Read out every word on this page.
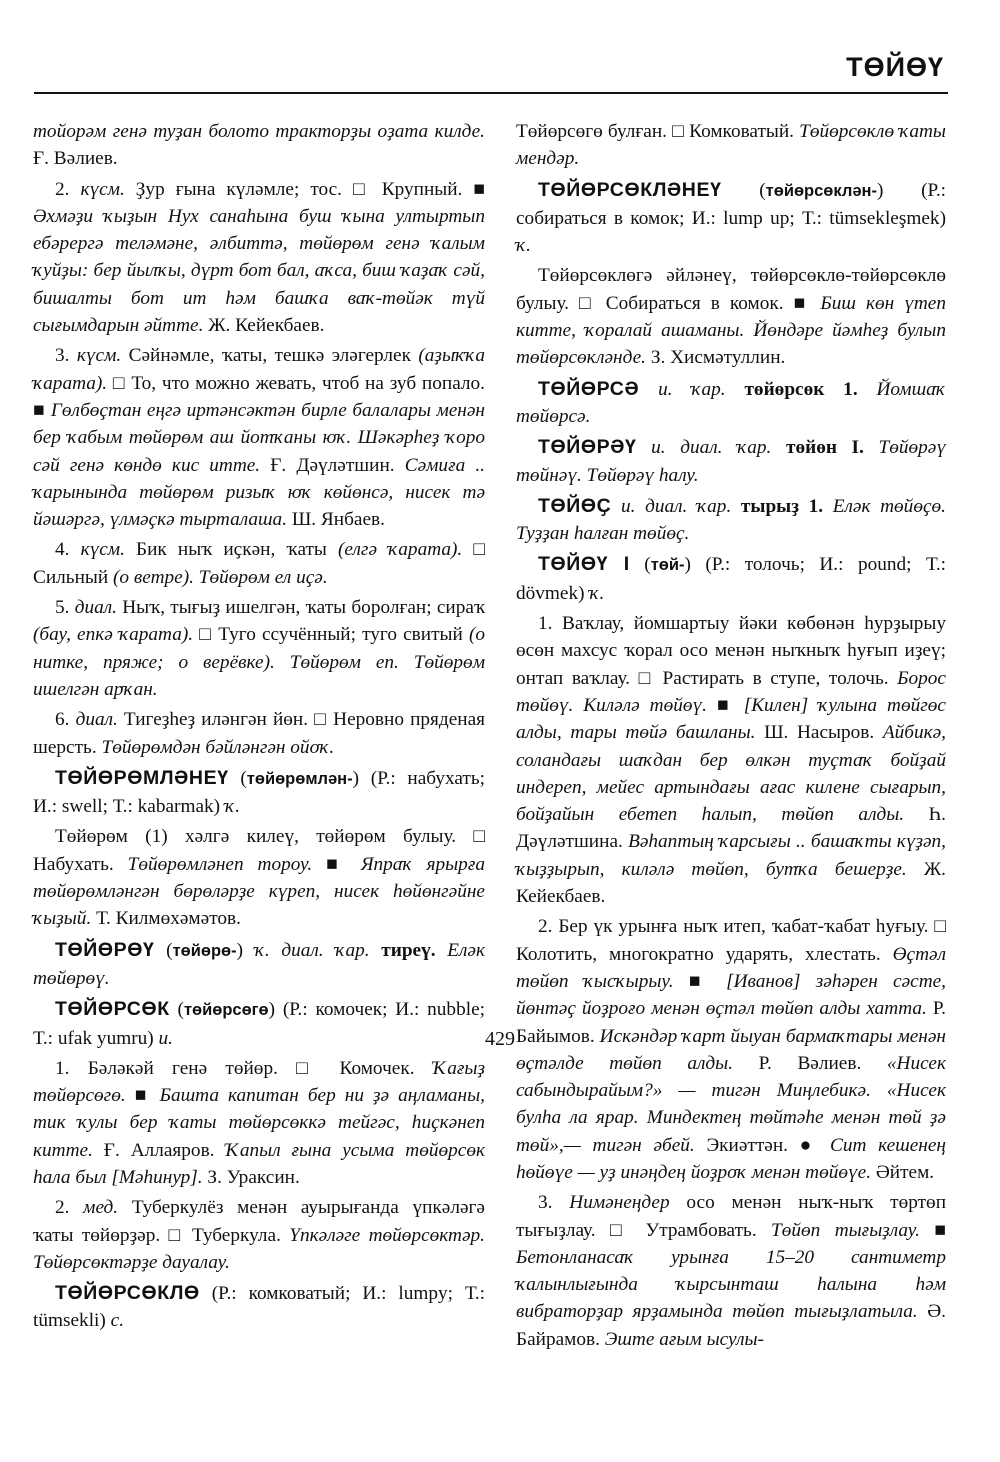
ТӨЙӨҮ

тойорәм генә туҙан болото тракторҙы оҙата килде. Ғ. Вәлиев.

2. күсм. Ҙур ғына күләмле; тос. □ Крупный. ■ Әхмәҙи ҡыҙын Нух санаһына буш ҡына ултыртып ебәрергә теләмәне, әлбиттә, төйөрөм генә ҡалым ҡуйҙы: бер йылҡы, дүрт бот бал, аҡса, биш ҡаҙаҡ сәй, бишалты бот ит һәм башҡа ваҡ-төйәк түй сығымдарын әйтте. Ж. Кейекбаев.

3. күсм. Сәйнәмле, ҡаты, тешкә эләгерлек (аҙыҡҡа ҡарата). □ То, что можно жевать, чтоб на зуб попало. ■ Гөлбөҫтан еңгә иртәнсәктән бирле балалары менән бер ҡабым төйөрөм аш йотҡаны юҡ. Шәкәрһеҙ ҡоро сәй генә көндө кис итте. Ғ. Дәүләтшин. Сәмиға .. ҡарынында төйөрөм ризыҡ юҡ көйөнсә, нисек тә йәшәргә, үлмәҫкә тырталаша. Ш. Янбаев.

4. күсм. Бик ныҡ иҫкән, ҡаты (елгә ҡарата). □ Сильный (о ветре). Төйөрөм ел иҫә.

5. диал. Ныҡ, тығыҙ ишелгән, ҡаты боролған; сираҡ (бау, епкә ҡарата). □ Туго ссучённый; туго свитый (о нитке, пряже; о верёвке). Төйөрөм еп. Төйөрөм ишелгән арҡан.

6. диал. Тигеҙһеҙ иләнгән йөн. □ Неровно пряденая шерсть. Төйөрөмдән бәйләнгән ойоҡ.

ТӨЙӨРӨМЛӘНЕҮ (төйөрөмлән-) (Р.: набухать; И.: swell; Т.: kabarmak) ҡ.

Төйөрөм (1) хәлгә килеү, төйөрөм булыу. □ Набухать. Төйөрөмләнеп тороу. ■ Япраҡ ярырға төйөрөмләнгән бөрөләрҙе күреп, нисек һөйөнгәйне ҡыҙый. Т. Килмөхәмәтов.

ТӨЙӨРӨҮ (төйөрө-) ҡ. диал. ҡар. тиреү. Еләк төйөрөү.

ТӨЙӨРСӨК (төйөрсөгө) (Р.: комочек; И.: nubble; Т.: ufak yumru) и.

1. Бәләкәй генә төйөр. □ Комочек. Ҡағыҙ төйөрсөгө. ■ Башта капитан бер ни ҙә аңламаны, тик ҡулы бер ҡаты төйөрсөккә тейгәс, һиҫкәнеп китте. Ғ. Аллаяров. Ҡапыл ғына усыма төйөрсөк һала был [Мәһинур]. З. Ураксин.

2. мед. Туберкулёз менән ауырығанда үпкәләгә ҡаты төйөрҙәр. □ Туберкула. Үпкәләге төйөрсөктәр. Төйөрсөктәрҙе дауалау.

ТӨЙӨРСӨКЛӨ (Р.: комковатый; И.: lumpy; Т.: tümsekli) с.

Төйөрсөгө булған. □ Комковатый. Төйөрсөклө ҡаты мендәр.

ТӨЙӨРСӨКЛӘНЕҮ (төйөрсөклән-) (Р.: собираться в комок; И.: lump up; Т.: tümsekleşmek) ҡ.

Төйөрсөклөгә әйләнеү, төйөрсөклө-төйөрсөклө булыу. □ Собираться в комок. ■ Биш көн үтеп китте, ҡоралай ашаманы. Йөндәре йәмһеҙ булып төйөрсөкләнде. З. Хисмәтуллин.

ТӨЙӨРСӘ и. ҡар. төйөрсөк 1. Йомшаҡ төйөрсә.

ТӨЙӨРӘҮ и. диал. ҡар. төйөн I. Төйөрәү төйнәү. Төйөрәү һалу.

ТӨЙӨҪ и. диал. ҡар. тырыҙ 1. Еләк төйөҫө. Туҙҙан һалған төйөҫ.

ТӨЙӨҮ I (төй-) (Р.: толочь; И.: pound; Т.: dövmek) ҡ.

1. Ваҡлау, йомшартыу йәки көбөнән һурҙырыу өсөн махсус ҡорал осо менән ныҡныҡ һуғып иҙеү; онтап ваҡлау. □ Растирать в ступе, толочь. Борос төйөү. Киләлә төйөү. ■ [Килен] ҡулына төйгөс алды, тары төйә башланы. Ш. Насыров. Айбикә, соландағы шаҡдан бер өлкән туҫтаҡ бойҙай индереп, мейес артындағы ағас килене сығарып, бойҙайын ебетеп һалып, төйөп алды. Һ. Дәүләтшина. Вәһаптың ҡарсығы .. башаҡты күҙәп, ҡыҙҙырып, киләлә төйөп, бутҡа бешерҙе. Ж. Кейекбаев.

2. Бер үк урынға ныҡ итеп, ҡабат-ҡабат һуғыу. □ Колотить, многократно ударять, хлестать. Өҫтәл төйөп ҡысҡырыу. ■ [Иванов] зәһәрен сәсте, йөнтәҫ йоҙроғо менән өҫтәл төйөп алды хатта. Р. Байымов. Искәндәр ҡарт йыуан бармаҡтары менән өҫтәлде төйөп алды. Р. Вәлиев. «Нисек сабындырайым?» — тигән Миңлебикә. «Нисек булһа ла ярар. Миндектең төйтәһе менән төй ҙә төй»,— тигән әбей. Экиәттән. ● Сит кешенең һөйөүе — уҙ инәңдең йоҙроҡ менән төйөүе. Әйтем.

3. Нимәнеңдер осо менән ныҡ-ныҡ төртөп тығыҙлау. □ Утрамбовать. Төйөп тығыҙлау. ■ Бетонланасаҡ урынға 15–20 сантиметр ҡалынлығында ҡырсынташ һалына һәм вибраторҙар ярҙамында төйөп тығыҙлатыла. Ә. Байрамов. Эште ағым ысулы-

429
